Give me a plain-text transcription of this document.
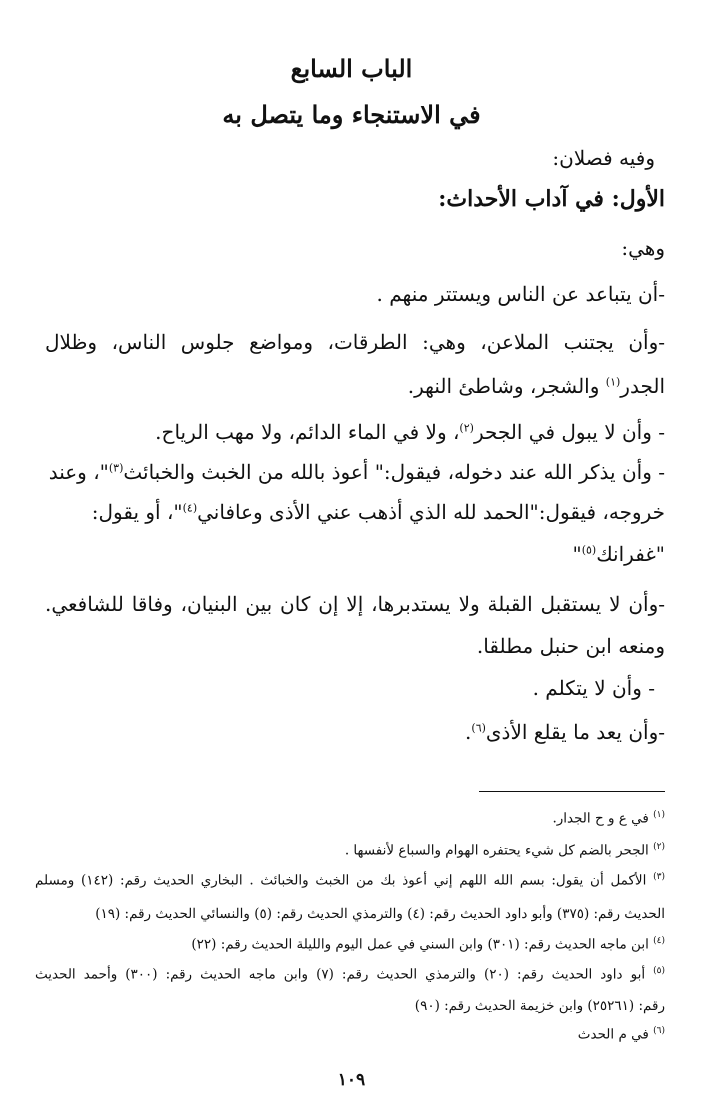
الباب السابع
في الاستنجاء وما يتصل به
وفيه فصلان:
الأول: في آداب الأحداث:
وهي:
-أن يتباعد عن الناس ويستتر منهم .
-وأن يجتنب الملاعن، وهي: الطرقات، ومواضع جلوس الناس، وظلال
الجدر$^{(١)}$ والشجر، وشاطئ النهر.
- وأن لا يبول في الجحر$^{(٢)}$، ولا في الماء الدائم، ولا مهب الرياح.
- وأن يذكر الله عند دخوله، فيقول:" أعوذ بالله من الخبث والخبائث$^{(٣)}$"، وعند
خروجه، فيقول:"الحمد لله الذي أذهب عني الأذى وعافاني$^{(٤)}$"، أو يقول:
"غفرانك$^{(٥)}$"
-وأن لا يستقبل القبلة ولا يستدبرها، إلا إن كان بين البنيان، وفاقا للشافعي.
ومنعه ابن حنبل مطلقا.
- وأن لا يتكلم .
-وأن يعد ما يقلع الأذى$^{(٦)}$.
$^{(١)}$ في ع و ح الجدار.
$^{(٢)}$ الجحر بالضم كل شيء يحتفره الهوام والسباع لأنفسها .
$^{(٣)}$ الأكمل أن يقول: بسم الله اللهم إني أعوذ بك من الخبث والخبائث . البخاري الحديث رقم: (١٤٢) ومسلم
الحديث رقم: (٣٧٥) وأبو داود الحديث رقم: (٤) والترمذي الحديث رقم: (٥) والنسائي الحديث رقم: (١٩)
$^{(٤)}$ ابن ماجه الحديث رقم: (٣٠١) وابن السني في عمل اليوم والليلة الحديث رقم: (٢٢)
$^{(٥)}$ أبو داود الحديث رقم: (٢٠) والترمذي الحديث رقم: (٧) وابن ماجه الحديث رقم: (٣٠٠) وأحمد الحديث
رقم: (٢٥٢٦١) وابن خزيمة الحديث رقم: (٩٠)
$^{(٦)}$ في م الحدث
١٠٩
